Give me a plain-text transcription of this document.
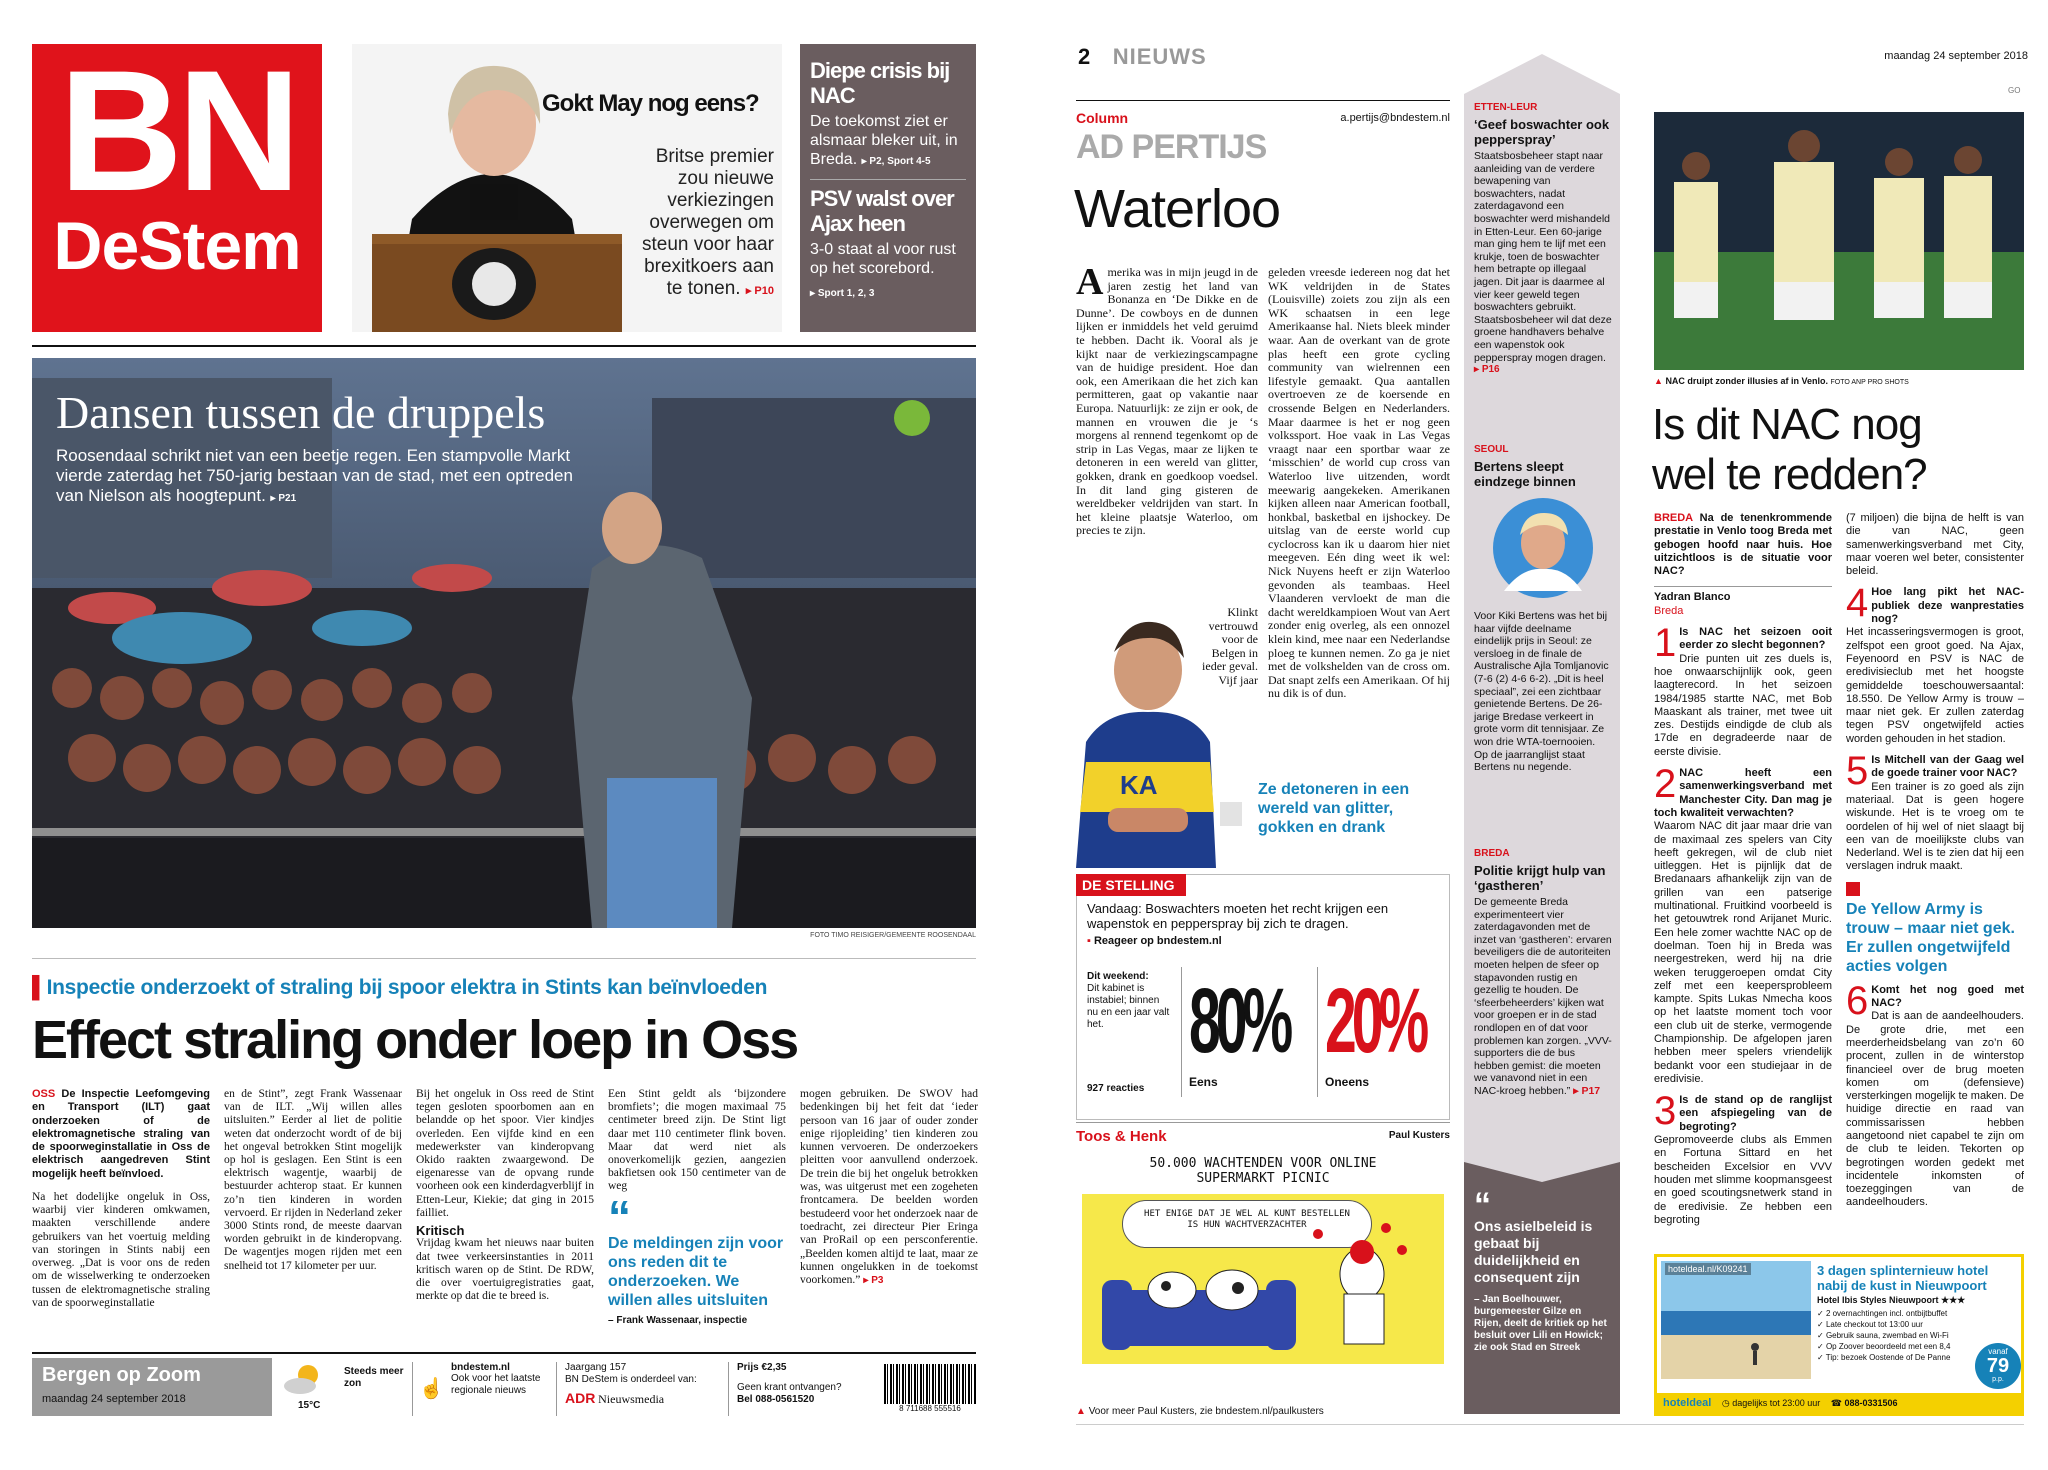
BN
DeStem
Gokt May nog eens?
Britse premier zou nieuwe verkiezingen overwegen om steun voor haar brexitkoers aan te tonen. ▸ P10
Diepe crisis bij NAC
De toekomst ziet er alsmaar bleker uit, in Breda. ▸ P2, Sport 4-5
PSV walst over Ajax heen
3-0 staat al voor rust op het scorebord.
▸ Sport 1, 2, 3
Dansen tussen de druppels
Roosendaal schrikt niet van een beetje regen. Een stampvolle Markt vierde zaterdag het 750-jarig bestaan van de stad, met een optreden van Nielson als hoogtepunt. ▸ P21
FOTO TIMO REISIGER/GEMEENTE ROOSENDAAL
▌Inspectie onderzoekt of straling bij spoor elektra in Stints kan beïnvloeden
Effect straling onder loep in Oss
OSS De Inspectie Leefomgeving en Transport (ILT) gaat onderzoeken of de elektromagnetische straling van de spoorweginstallatie in Oss de elektrisch aangedreven Stint mogelijk heeft beïnvloed.
Na het dodelijke ongeluk in Oss, waarbij vier kinderen omkwamen, maakten verschillende andere gebruikers van het voertuig melding van storingen in Stints nabij een overweg. „Dat is voor ons de reden om de wisselwerking te onderzoeken tussen de elektromagnetische straling van de spoorweginstallatie
en de Stint”, zegt Frank Wassenaar van de ILT. „Wij willen alles uitsluiten.” Eerder al liet de politie weten dat onderzocht wordt of de bij het ongeval betrokken Stint mogelijk op hol is geslagen. Een Stint is een elektrisch wagentje, waarbij de bestuurder achterop staat. Er kunnen zo’n tien kinderen in worden vervoerd. Er rijden in Nederland zeker 3000 Stints rond, de meeste daarvan worden gebruikt in de kinderopvang. De wagentjes mogen rijden met een snelheid tot 17 kilometer per uur.
Bij het ongeluk in Oss reed de Stint tegen gesloten spoorbomen aan en belandde op het spoor. Vier kindjes overleden. Een vijfde kind en een medewerkster van kinderopvang Okido raakten zwaargewond. De eigenaresse van de opvang runde voorheen ook een kinderdagverblijf in Etten-Leur, Kiekie; dat ging in 2015 failliet.
Kritisch
Vrijdag kwam het nieuws naar buiten dat twee verkeersinstanties in 2011 kritisch waren op de Stint. De RDW, die over voertuigregistraties gaat, merkte op dat die te breed is.
Een Stint geldt als ‘bijzondere bromfiets’; die mogen maximaal 75 centimeter breed zijn. De Stint ligt daar met 110 centimeter flink boven. Maar dat werd niet als onoverkomelijk gezien, aangezien bakfietsen ook 150 centimeter van de weg
“
De meldingen zijn voor ons reden dit te onderzoeken. We willen alles uitsluiten
– Frank Wassenaar, inspectie
mogen gebruiken. De SWOV had bedenkingen bij het feit dat ‘ieder persoon van 16 jaar of ouder zonder enige rijopleiding’ tien kinderen zou kunnen vervoeren. De onderzoekers pleitten voor aanvullend onderzoek. De trein die bij het ongeluk betrokken was, was uitgerust met een zogeheten frontcamera. De beelden worden bestudeerd voor het onderzoek naar de toedracht, zei directeur Pier Eringa van ProRail op een persconferentie. „Beelden komen altijd te laat, maar ze kunnen ongelukken in de toekomst voorkomen.” ▸ P3
Bergen op Zoom
maandag 24 september 2018
Steeds meer zon
15°C
☝
bndestem.nl
Ook voor het laatste regionale nieuws
Jaargang 157
BN DeStem is onderdeel van:
ADR Nieuwsmedia
Prijs €2,35
Geen krant ontvangen?
Bel 088-0561520
8 711688 555516
2 NIEUWS	maandag 24 september 2018
GO
Column	a.pertijs@bndestem.nl
AD PERTIJS
Waterloo
Amerika was in mijn jeugd in de jaren zestig het land van Bonanza en ‘De Dikke en de Dunne’. De cowboys en de dunnen lijken er inmiddels het veld geruimd te hebben. Dacht ik. Vooral als je kijkt naar de verkiezingscampagne van de huidige president. Hoe dan ook, een Amerikaan die het zich kan permitteren, gaat op vakantie naar Europa. Natuurlijk: ze zijn er ook, de mannen en vrouwen die je ‘s morgens al rennend tegenkomt op de strip in Las Vegas, maar ze lijken te detoneren in een wereld van glitter, gokken, drank en goedkoop voedsel. In dit land ging gisteren de wereldbeker veldrijden van start. In het kleine plaatsje Waterloo, om precies te zijn.
Klinkt vertrouwd voor de Belgen in ieder geval. Vijf jaar
geleden vreesde iedereen nog dat het WK veldrijden in de States (Louisville) zoiets zou zijn als een WK schaatsen in een lege Amerikaanse hal. Niets bleek minder waar. Aan de overkant van de grote plas heeft een grote cycling community van wielrennen een lifestyle gemaakt. Qua aantallen overtroeven ze de koersende en crossende Belgen en Nederlanders. Maar daarmee is het er nog geen volkssport. Hoe vaak in Las Vegas vraagt naar een sportbar waar ze ‘misschien’ de world cup cross van Waterloo live uitzenden, wordt meewarig aangekeken. Amerikanen kijken alleen naar American football, honkbal, basketbal en ijshockey. De uitslag van de eerste world cup cyclocross kan ik u daarom hier niet meegeven. Eén ding weet ik wel: Nick Nuyens heeft er zijn Waterloo gevonden als teambaas. Heel Vlaanderen vervloekt de man die dacht wereldkampioen Wout van Aert zonder enig overleg, als een onnozel klein kind, mee naar een Nederlandse ploeg te kunnen nemen. Zo ga je niet met de volkshelden van de cross om. Dat snapt zelfs een Amerikaan. Of hij nu dik is of dun.
KA	Ze detoneren in een wereld van glitter, gokken en drank
DE STELLING
Vandaag: Boswachters moeten het recht krijgen een wapenstok en pepperspray bij zich te dragen.
▪ Reageer op bndestem.nl
Dit weekend:
Dit kabinet is instabiel; binnen nu en een jaar valt het.
927 reacties
80%
Eens
20%
Oneens
Toos & Henk	Paul Kusters
50.000 WACHTENDEN VOOR ONLINE SUPERMARKT PICNIC
HET ENIGE DAT JE WEL AL KUNT BESTELLEN IS HUN WACHTVERZACHTER
▲ Voor meer Paul Kusters, zie bndestem.nl/paulkusters
ETTEN-LEUR
‘Geef boswachter ook pepperspray’
Staatsbosbeheer stapt naar aanleiding van de verdere bewapening van boswachters, nadat zaterdagavond een boswachter werd mishandeld in Etten-Leur. Een 60-jarige man ging hem te lijf met een krukje, toen de boswachter hem betrapte op illegaal jagen. Dit jaar is daarmee al vier keer geweld tegen boswachters gebruikt. Staatsbosbeheer wil dat deze groene handhavers behalve een wapenstok ook pepperspray mogen dragen.
▸ P16
SEOUL
Bertens sleept eindzege binnen
Voor Kiki Bertens was het bij haar vijfde deelname eindelijk prijs in Seoul: ze versloeg in de finale de Australische Ajla Tomljanovic (7-6 (2) 4-6 6-2). „Dit is heel speciaal”, zei een zichtbaar genietende Bertens. De 26-jarige Bredase verkeert in grote vorm dit tennisjaar. Ze won drie WTA-toernooien. Op de jaarranglijst staat Bertens nu negende.
BREDA
Politie krijgt hulp van ‘gastheren’
De gemeente Breda experimenteert vier zaterdagavonden met de inzet van ‘gastheren’: ervaren beveiligers die de autoriteiten moeten helpen de sfeer op stapavonden rustig en gezellig te houden. De ‘sfeerbeheerders’ kijken wat voor groepen er in de stad rondlopen en of dat voor problemen kan zorgen. „VVV-supporters die de bus hebben gemist: die moeten we vanavond niet in een NAC-kroeg hebben.” ▸ P17
“
Ons asielbeleid is gebaat bij duidelijkheid en consequent zijn
– Jan Boelhouwer, burgemeester Gilze en Rijen, deelt de kritiek op het besluit over Lili en Howick; zie ook Stad en Streek
▲ NAC druipt zonder illusies af in Venlo. FOTO ANP PRO SHOTS
Is dit NAC nog wel te redden?
BREDA Na de tenenkrommende prestatie in Venlo toog Breda met gebogen hoofd naar huis. Hoe uitzichtloos is de situatie voor NAC?
Yadran Blanco
Breda
1 Is NAC het seizoen ooit eerder zo slecht begonnen?
Drie punten uit zes duels is, hoe onwaarschijnlijk ook, geen laagterecord. In het seizoen 1984/1985 startte NAC, met Bob Maaskant als trainer, met twee uit zes. Destijds eindigde de club als 17de en degradeerde naar de eerste divisie.
2 NAC heeft een samenwerkingsverband met Manchester City. Dan mag je toch kwaliteit verwachten?
Waarom NAC dit jaar maar drie van de maximaal zes spelers van City heeft gekregen, wil de club niet uitleggen. Het is pijnlijk dat de Bredanaars afhankelijk zijn van de grillen van een patserige multinational. Fruitkind voorbeeld is het getouwtrek rond Arijanet Muric. Een hele zomer wachtte NAC op de doelman. Toen hij in Breda was neergestreken, werd hij na drie weken teruggeroepen omdat City zelf met een keepersprobleem kampte. Spits Lukas Nmecha koos op het laatste moment toch voor een club uit de sterke, vermogende Championship. De afgelopen jaren hebben meer spelers vriendelijk bedankt voor een studiejaar in de eredivisie.
3 Is de stand op de ranglijst een afspiegeling van de begroting?
Gepromoveerde clubs als Emmen en Fortuna Sittard en het bescheiden Excelsior en VVV houden met slimme koopmansgeest en goed scoutingsnetwerk stand in de eredivisie. Ze hebben een begroting
(7 miljoen) die bijna de helft is van die van NAC, geen samenwerkingsverband met City, maar voeren wel beter, consistenter beleid.
4 Hoe lang pikt het NAC-publiek deze wanprestaties nog?
Het incasseringsvermogen is groot, zelfspot een groot goed. Na Ajax, Feyenoord en PSV is NAC de eredivisieclub met het hoogste gemiddelde toeschouwersaantal: 18.550. De Yellow Army is trouw – maar niet gek. Er zullen zaterdag tegen PSV ongetwijfeld acties worden gehouden in het stadion.
5 Is Mitchell van der Gaag wel de goede trainer voor NAC?
Een trainer is zo goed als zijn materiaal. Dat is geen hogere wiskunde. Het is te vroeg om te oordelen of hij wel of niet slaagt bij een van de moeilijkste clubs van Nederland. Wel is te zien dat hij een verslagen indruk maakt.
De Yellow Army is trouw – maar niet gek. Er zullen ongetwijfeld acties volgen
6 Komt het nog goed met NAC?
Dat is aan de aandeelhouders. De grote drie, met een meerderheidsbelang van zo’n 60 procent, zullen in de winterstop financieel over de brug moeten komen om (defensieve) versterkingen mogelijk te maken. De huidige directie en raad van commissarissen hebben aangetoond niet capabel te zijn om de club te leiden. Tekorten op begrotingen worden gedekt met incidentele inkomsten of toezeggingen van de aandeelhouders.
hoteldeal.nl/K09241	3 dagen splinternieuw hotel nabij de kust in Nieuwpoort
Hotel Ibis Styles Nieuwpoort ★★★
✓ 2 overnachtingen incl. ontbijtbuffet
✓ Late checkout tot 13:00 uur
✓ Gebruik sauna, zwembad en Wi-Fi
✓ Op Zoover beoordeeld met een 8,4
✓ Tip: bezoek Oostende of De Panne
vanaf
79
p.p.
hoteldeal ◷ dagelijks tot 23:00 uur ☎ 088-0331506
